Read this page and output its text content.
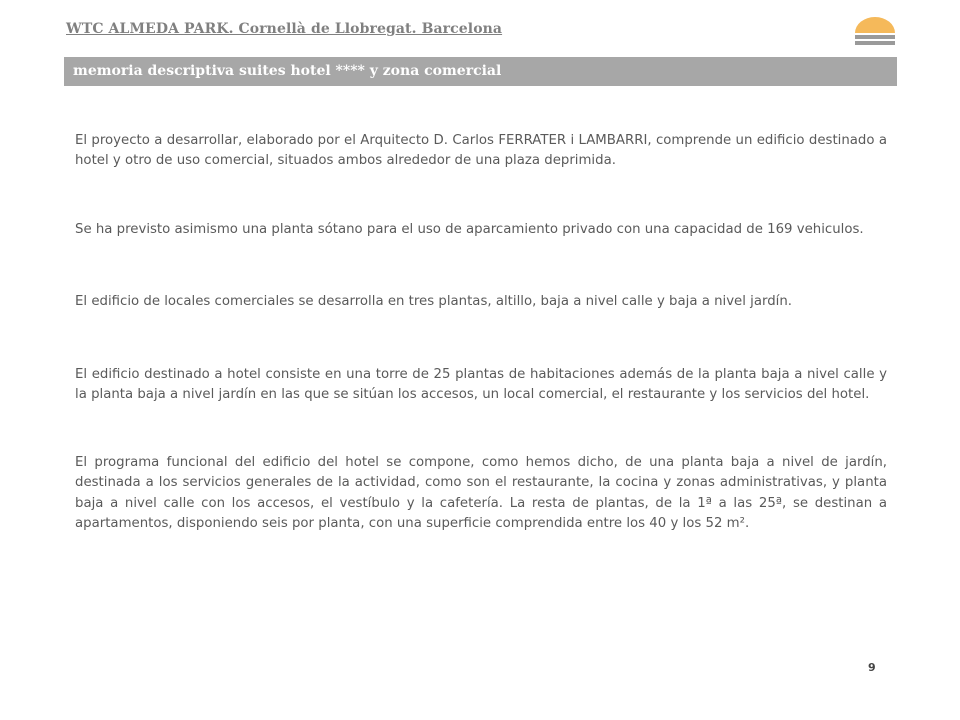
WTC ALMEDA PARK. Cornellà de Llobregat. Barcelona
memoria descriptiva suites hotel **** y zona comercial

El proyecto a desarrollar, elaborado por el Arquitecto D. Carlos FERRATER i LAMBARRI, comprende un edificio destinado a hotel y otro de uso comercial, situados ambos alrededor de una plaza deprimida.

Se ha previsto asimismo una planta sótano para el uso de aparcamiento privado con una capacidad de 169 vehiculos.

El edificio de locales comerciales se desarrolla en tres plantas, altillo, baja a nivel calle y baja a nivel jardín.

El edificio destinado a hotel consiste en una torre de 25 plantas de habitaciones además de la planta baja a nivel calle y la planta baja a nivel jardín en las que se sitúan los accesos, un local comercial, el restaurante y los servicios del hotel.

El programa funcional del edificio del hotel se compone, como hemos dicho, de una planta baja a nivel de jardín, destinada a los servicios generales de la actividad, como son el restaurante, la cocina y zonas administrativas, y planta baja a nivel calle con los accesos, el vestíbulo y la cafetería. La resta de plantas, de la 1ª a las 25ª, se destinan a apartamentos, disponiendo seis por planta, con una superficie comprendida entre los 40 y los 52 m².

9
